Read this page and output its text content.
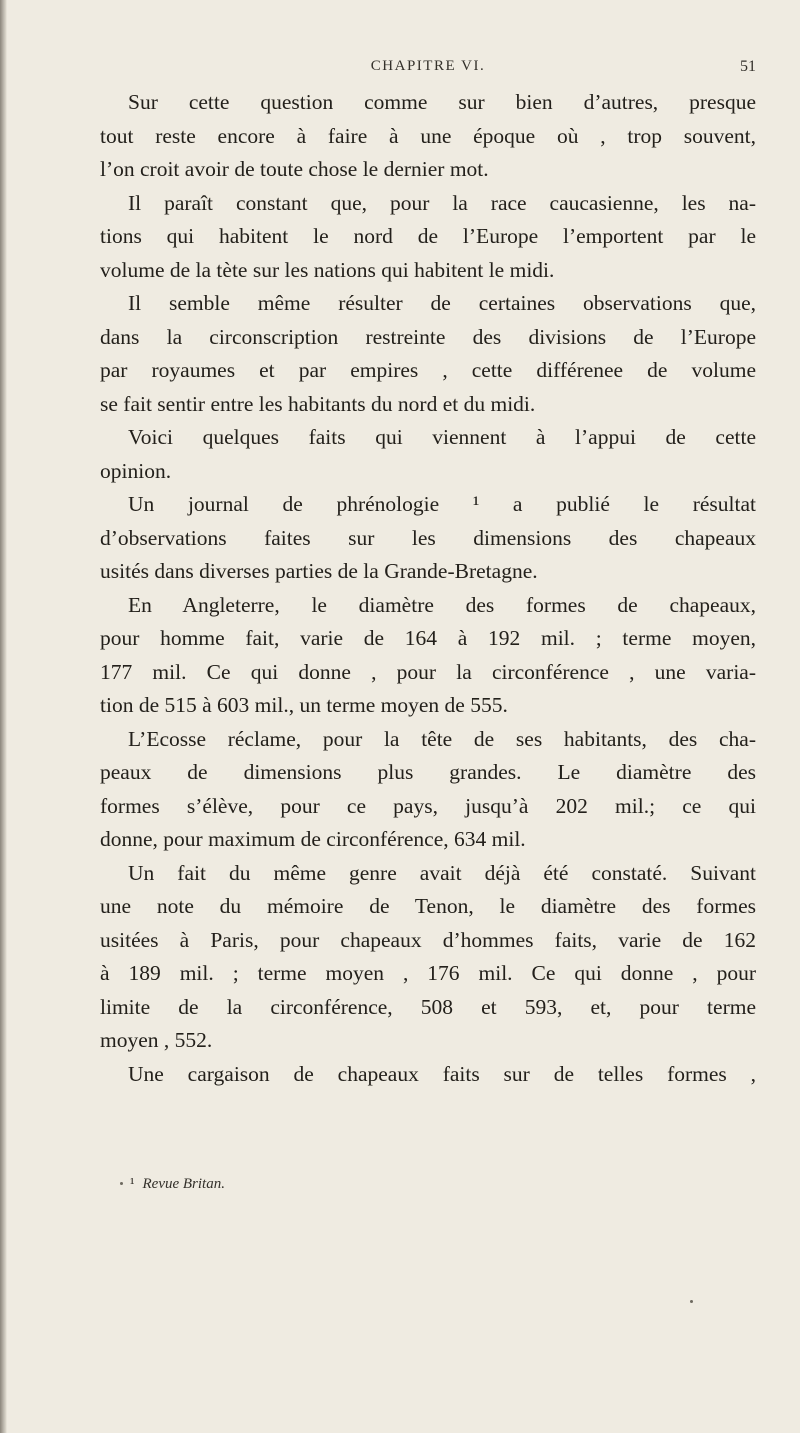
CHAPITRE VI.	51
Sur cette question comme sur bien d’autres, presque
tout reste encore à faire à une époque où , trop souvent,
l’on croit avoir de toute chose le dernier mot.
Il paraît constant que, pour la race caucasienne, les na-
tions qui habitent le nord de l’Europe l’emportent par le
volume de la tète sur les nations qui habitent le midi.
Il semble même résulter de certaines observations que,
dans la circonscription restreinte des divisions de l’Europe
par royaumes et par empires , cette différenee de volume
se fait sentir entre les habitants du nord et du midi.
Voici quelques faits qui viennent à l’appui de cette
opinion.
Un journal de phrénologie ¹ a publié le résultat
d’observations faites sur les dimensions des chapeaux
usités dans diverses parties de la Grande-Bretagne.
En Angleterre, le diamètre des formes de chapeaux,
pour homme fait, varie de 164 à 192 mil. ; terme moyen,
177 mil. Ce qui donne , pour la circonférence , une varia-
tion de 515 à 603 mil., un terme moyen de 555.
L’Ecosse réclame, pour la tête de ses habitants, des cha-
peaux de dimensions plus grandes. Le diamètre des
formes s’élève, pour ce pays, jusqu’à 202 mil.; ce qui
donne, pour maximum de circonférence, 634 mil.
Un fait du même genre avait déjà été constaté. Suivant
une note du mémoire de Tenon, le diamètre des formes
usitées à Paris, pour chapeaux d’hommes faits, varie de 162
à 189 mil. ; terme moyen , 176 mil. Ce qui donne , pour
limite de la circonférence, 508 et 593, et, pour terme
moyen , 552.
Une cargaison de chapeaux faits sur de telles formes ,
¹ Revue Britan.
